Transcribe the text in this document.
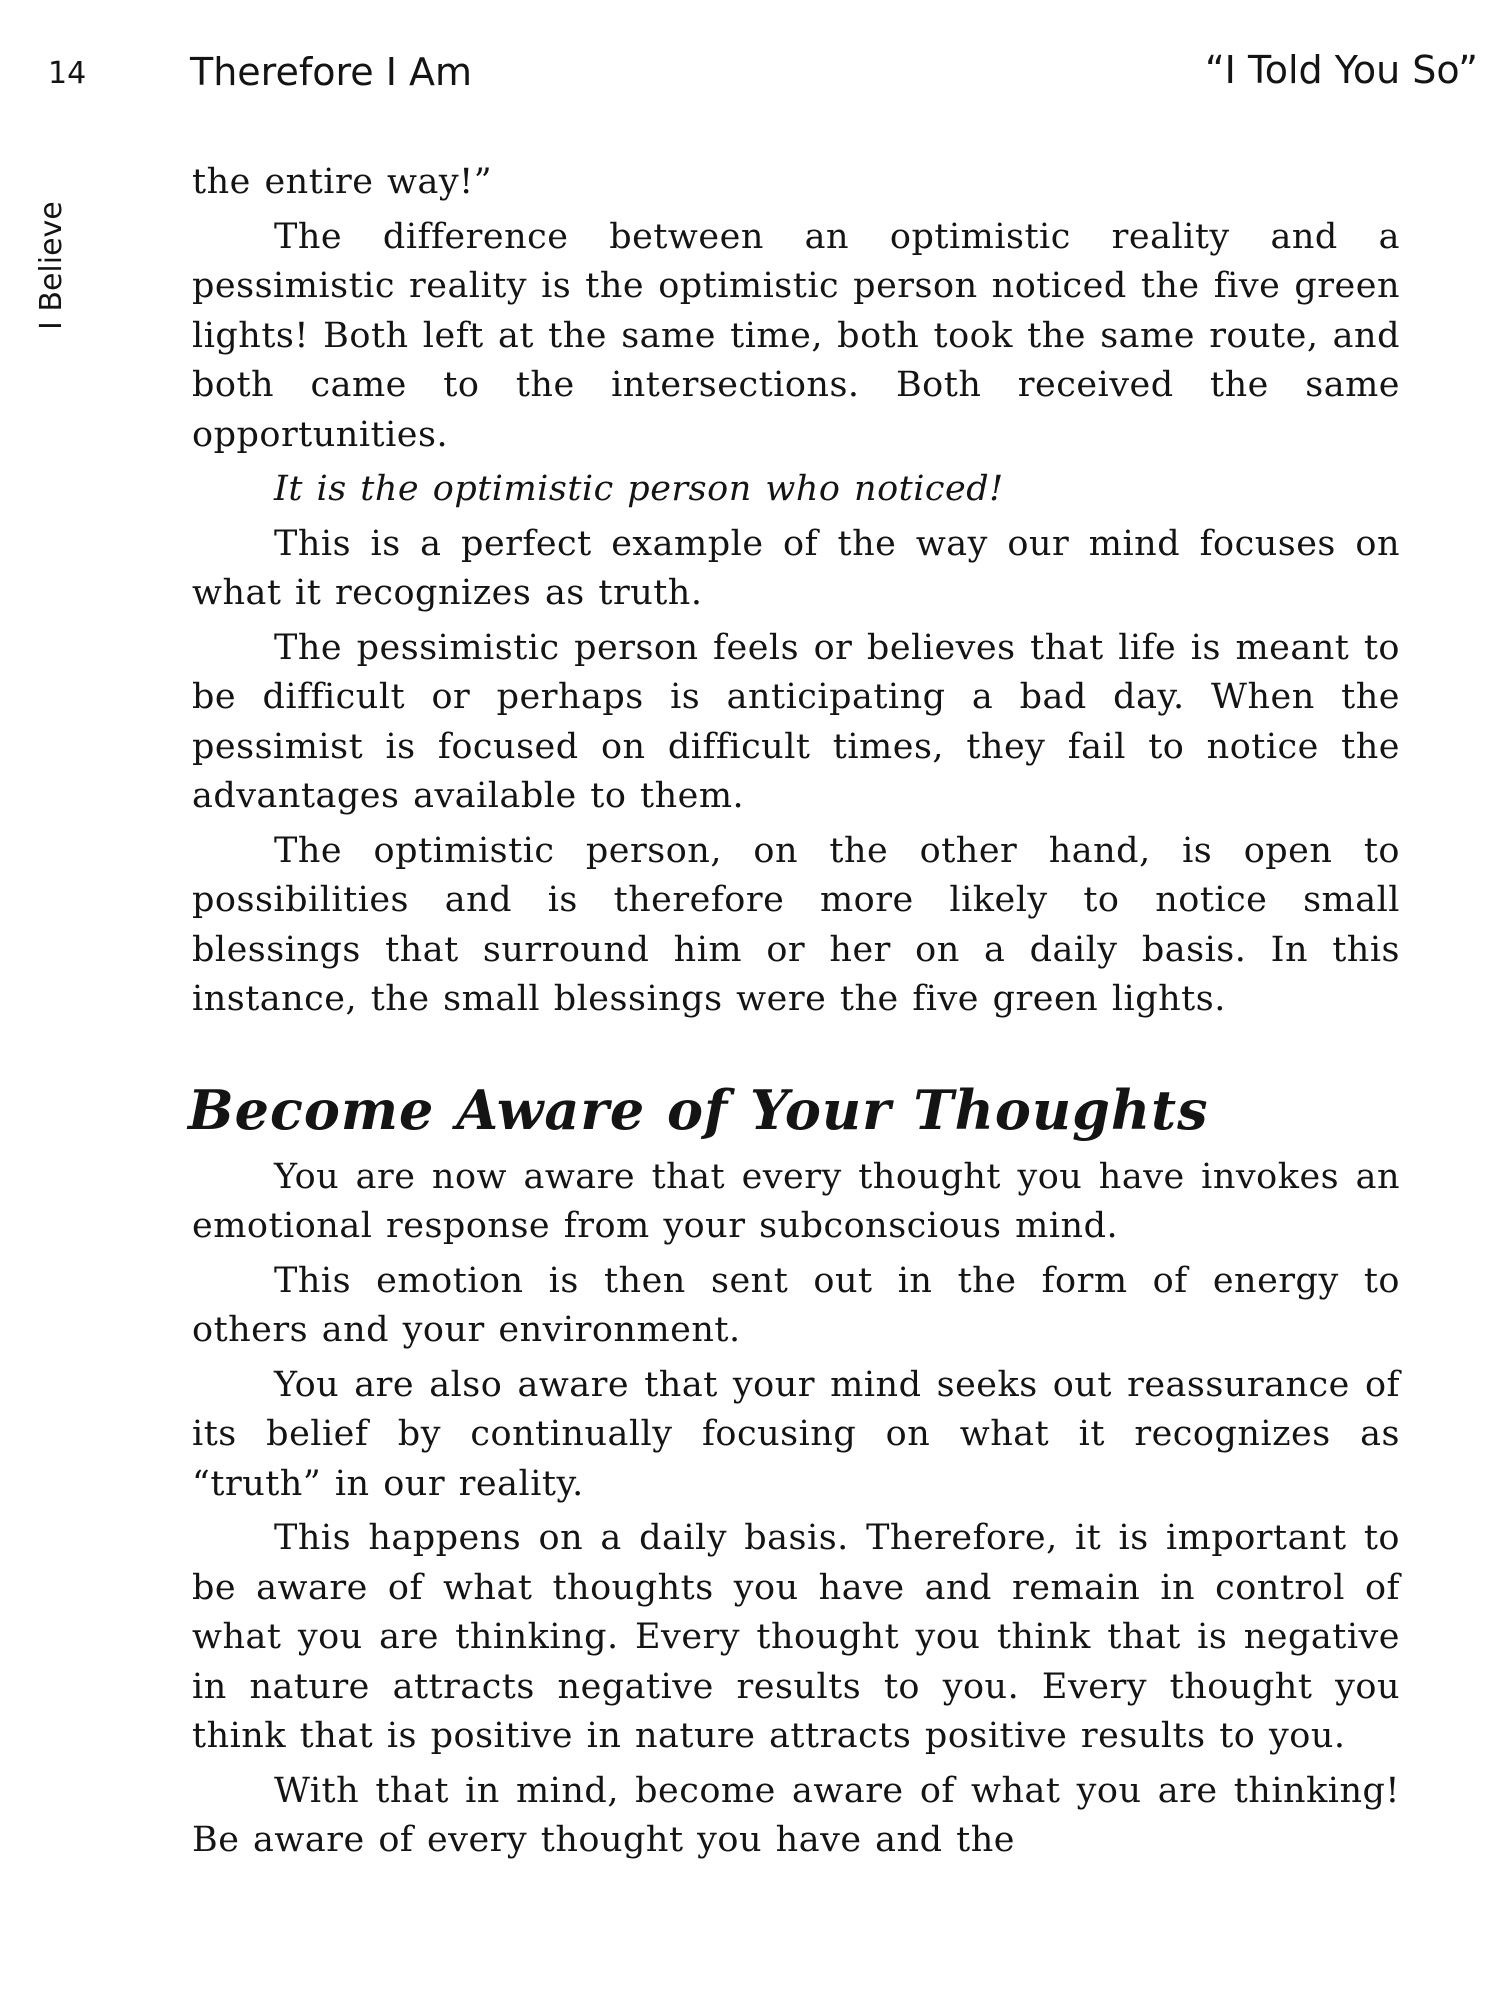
14	Therefore I Am	“I Told You So”
I Believe

the entire way!”

The difference between an optimistic reality and a pessimistic reality is the optimistic person noticed the five green lights! Both left at the same time, both took the same route, and both came to the intersections. Both received the same opportunities.

It is the optimistic person who noticed!

This is a perfect example of the way our mind focuses on what it recognizes as truth.

The pessimistic person feels or believes that life is meant to be difficult or perhaps is anticipating a bad day. When the pessimist is focused on difficult times, they fail to notice the advantages available to them.

The optimistic person, on the other hand, is open to possibilities and is therefore more likely to notice small blessings that surround him or her on a daily basis. In this instance, the small blessings were the five green lights.

Become Aware of Your Thoughts

You are now aware that every thought you have invokes an emotional response from your subconscious mind.

This emotion is then sent out in the form of energy to others and your environment.

You are also aware that your mind seeks out reassurance of its belief by continually focusing on what it recognizes as “truth” in our reality.

This happens on a daily basis. Therefore, it is important to be aware of what thoughts you have and remain in control of what you are thinking. Every thought you think that is negative in nature attracts negative results to you. Every thought you think that is positive in nature attracts positive results to you.

With that in mind, become aware of what you are thinking! Be aware of every thought you have and the
